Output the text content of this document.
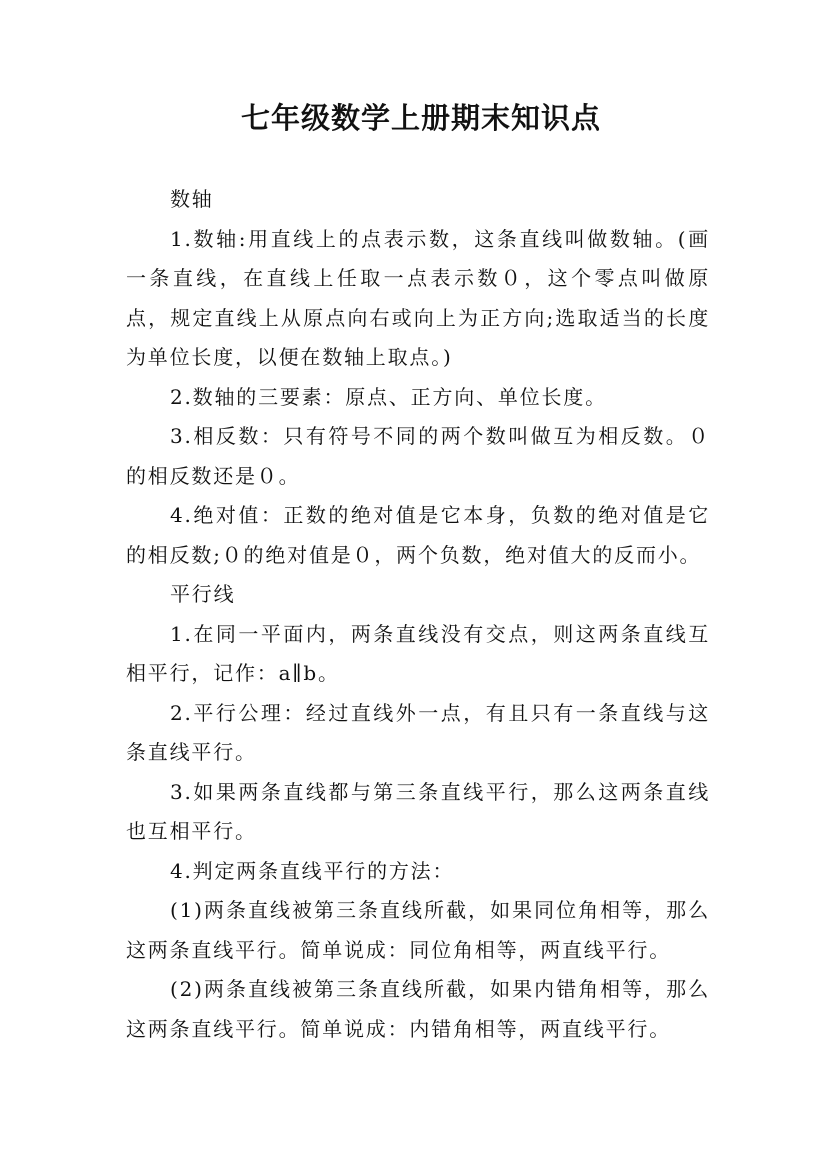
七年级数学上册期末知识点

数轴

1.数轴:用直线上的点表示数，这条直线叫做数轴。(画一条直线，在直线上任取一点表示数０，这个零点叫做原点，规定直线上从原点向右或向上为正方向;选取适当的长度为单位长度，以便在数轴上取点。)

2.数轴的三要素：原点、正方向、单位长度。

3.相反数：只有符号不同的两个数叫做互为相反数。０的相反数还是０。

4.绝对值：正数的绝对值是它本身，负数的绝对值是它的相反数;０的绝对值是０，两个负数，绝对值大的反而小。

平行线

1.在同一平面内，两条直线没有交点，则这两条直线互相平行，记作：a∥b。

2.平行公理：经过直线外一点，有且只有一条直线与这条直线平行。

3.如果两条直线都与第三条直线平行，那么这两条直线也互相平行。

4.判定两条直线平行的方法：

(1)两条直线被第三条直线所截，如果同位角相等，那么这两条直线平行。简单说成：同位角相等，两直线平行。

(2)两条直线被第三条直线所截，如果内错角相等，那么这两条直线平行。简单说成：内错角相等，两直线平行。
